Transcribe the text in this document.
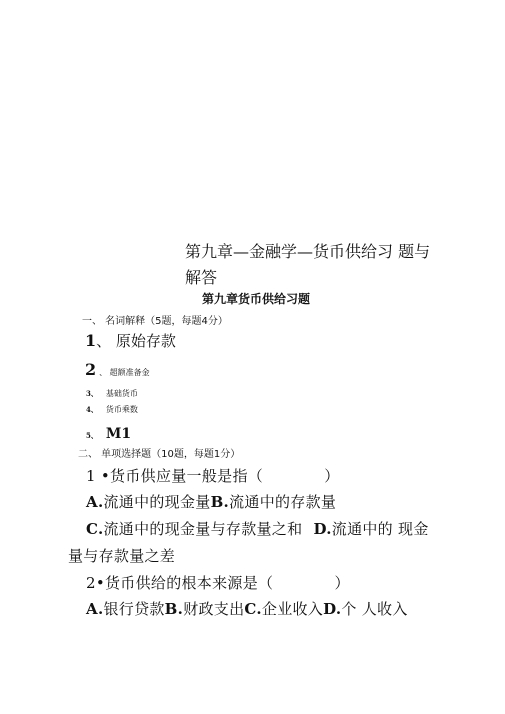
第九章—金融学—货币供给习 题与
解答
第九章货币供给习题
一、 名词解释（5题，每题4分）
1、 原始存款
2 、 超额准备金
3、 基础货币
4、 货币乘数
5、 M1
二、 单项选择题（10题，每题1分）
1 •货币供应量一般是指（　　　　）
A.流通中的现金量B.流通中的存款量
C.流通中的现金量与存款量之和 D.流通中的 现金
量与存款量之差
2•货币供给的根本来源是（　　　　）
A.银行贷款B.财政支出C.企业收入D.个 人收入
